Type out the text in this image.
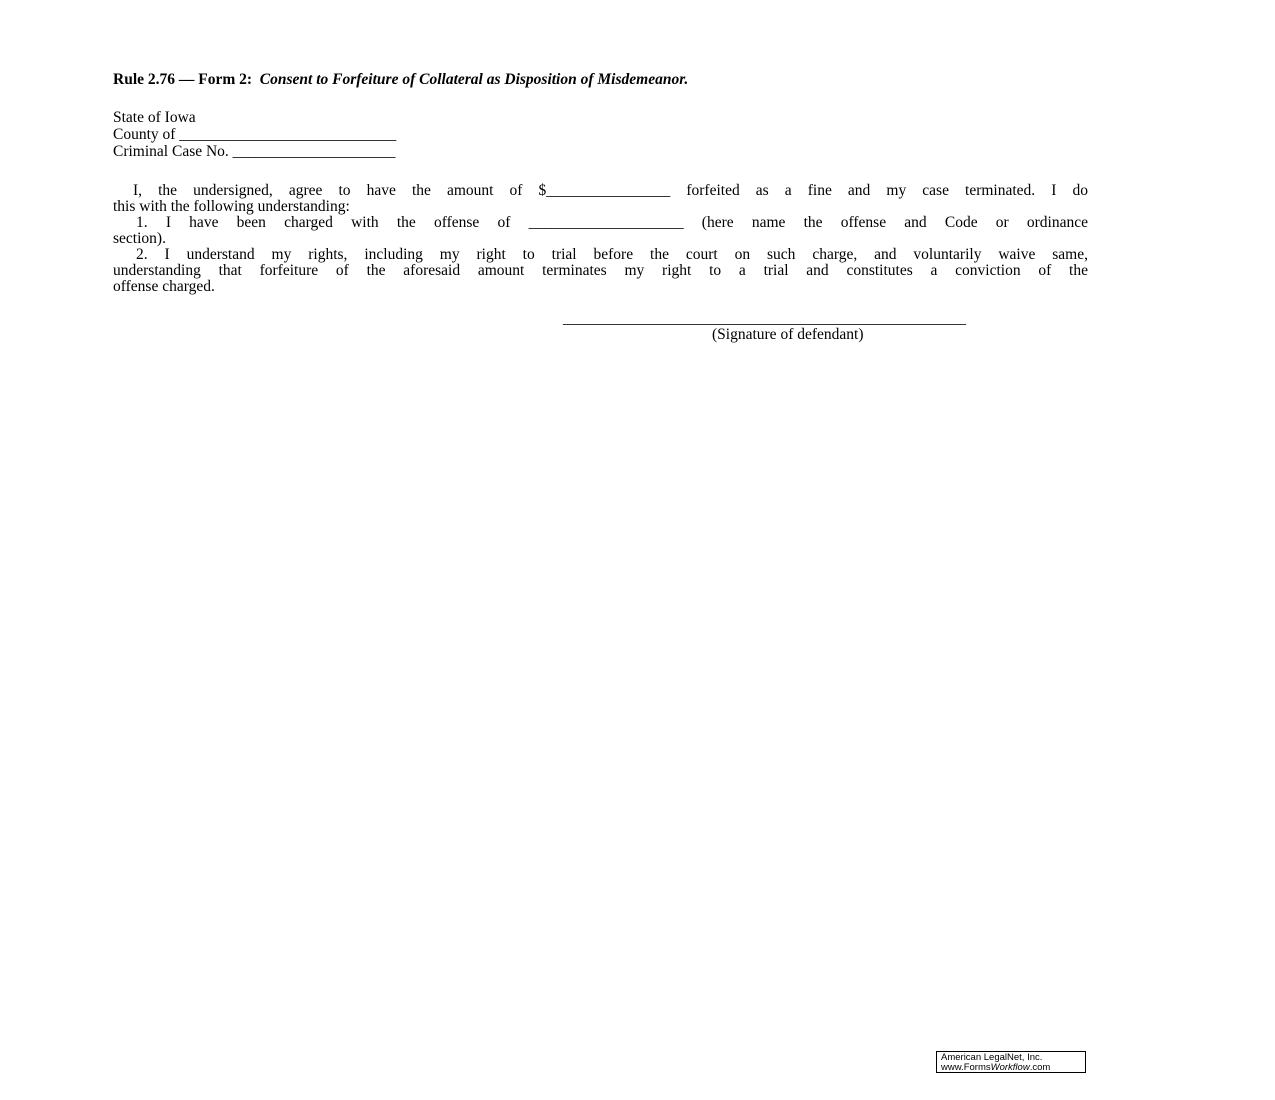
Rule 2.76 — Form 2: Consent to Forfeiture of Collateral as Disposition of Misdemeanor.
State of Iowa
County of ____________________________
Criminal Case No. _____________________
I, the undersigned, agree to have the amount of $________________ forfeited as a fine and my case terminated. I do
this with the following understanding:
1. I have been charged with the offense of ____________________ (here name the offense and Code or ordinance
section).
2. I understand my rights, including my right to trial before the court on such charge, and voluntarily waive same,
understanding that forfeiture of the aforesaid amount terminates my right to a trial and constitutes a conviction of the
offense charged.
____________________________________________________
(Signature of defendant)
American LegalNet, Inc.
www.FormsWorkflow.com
